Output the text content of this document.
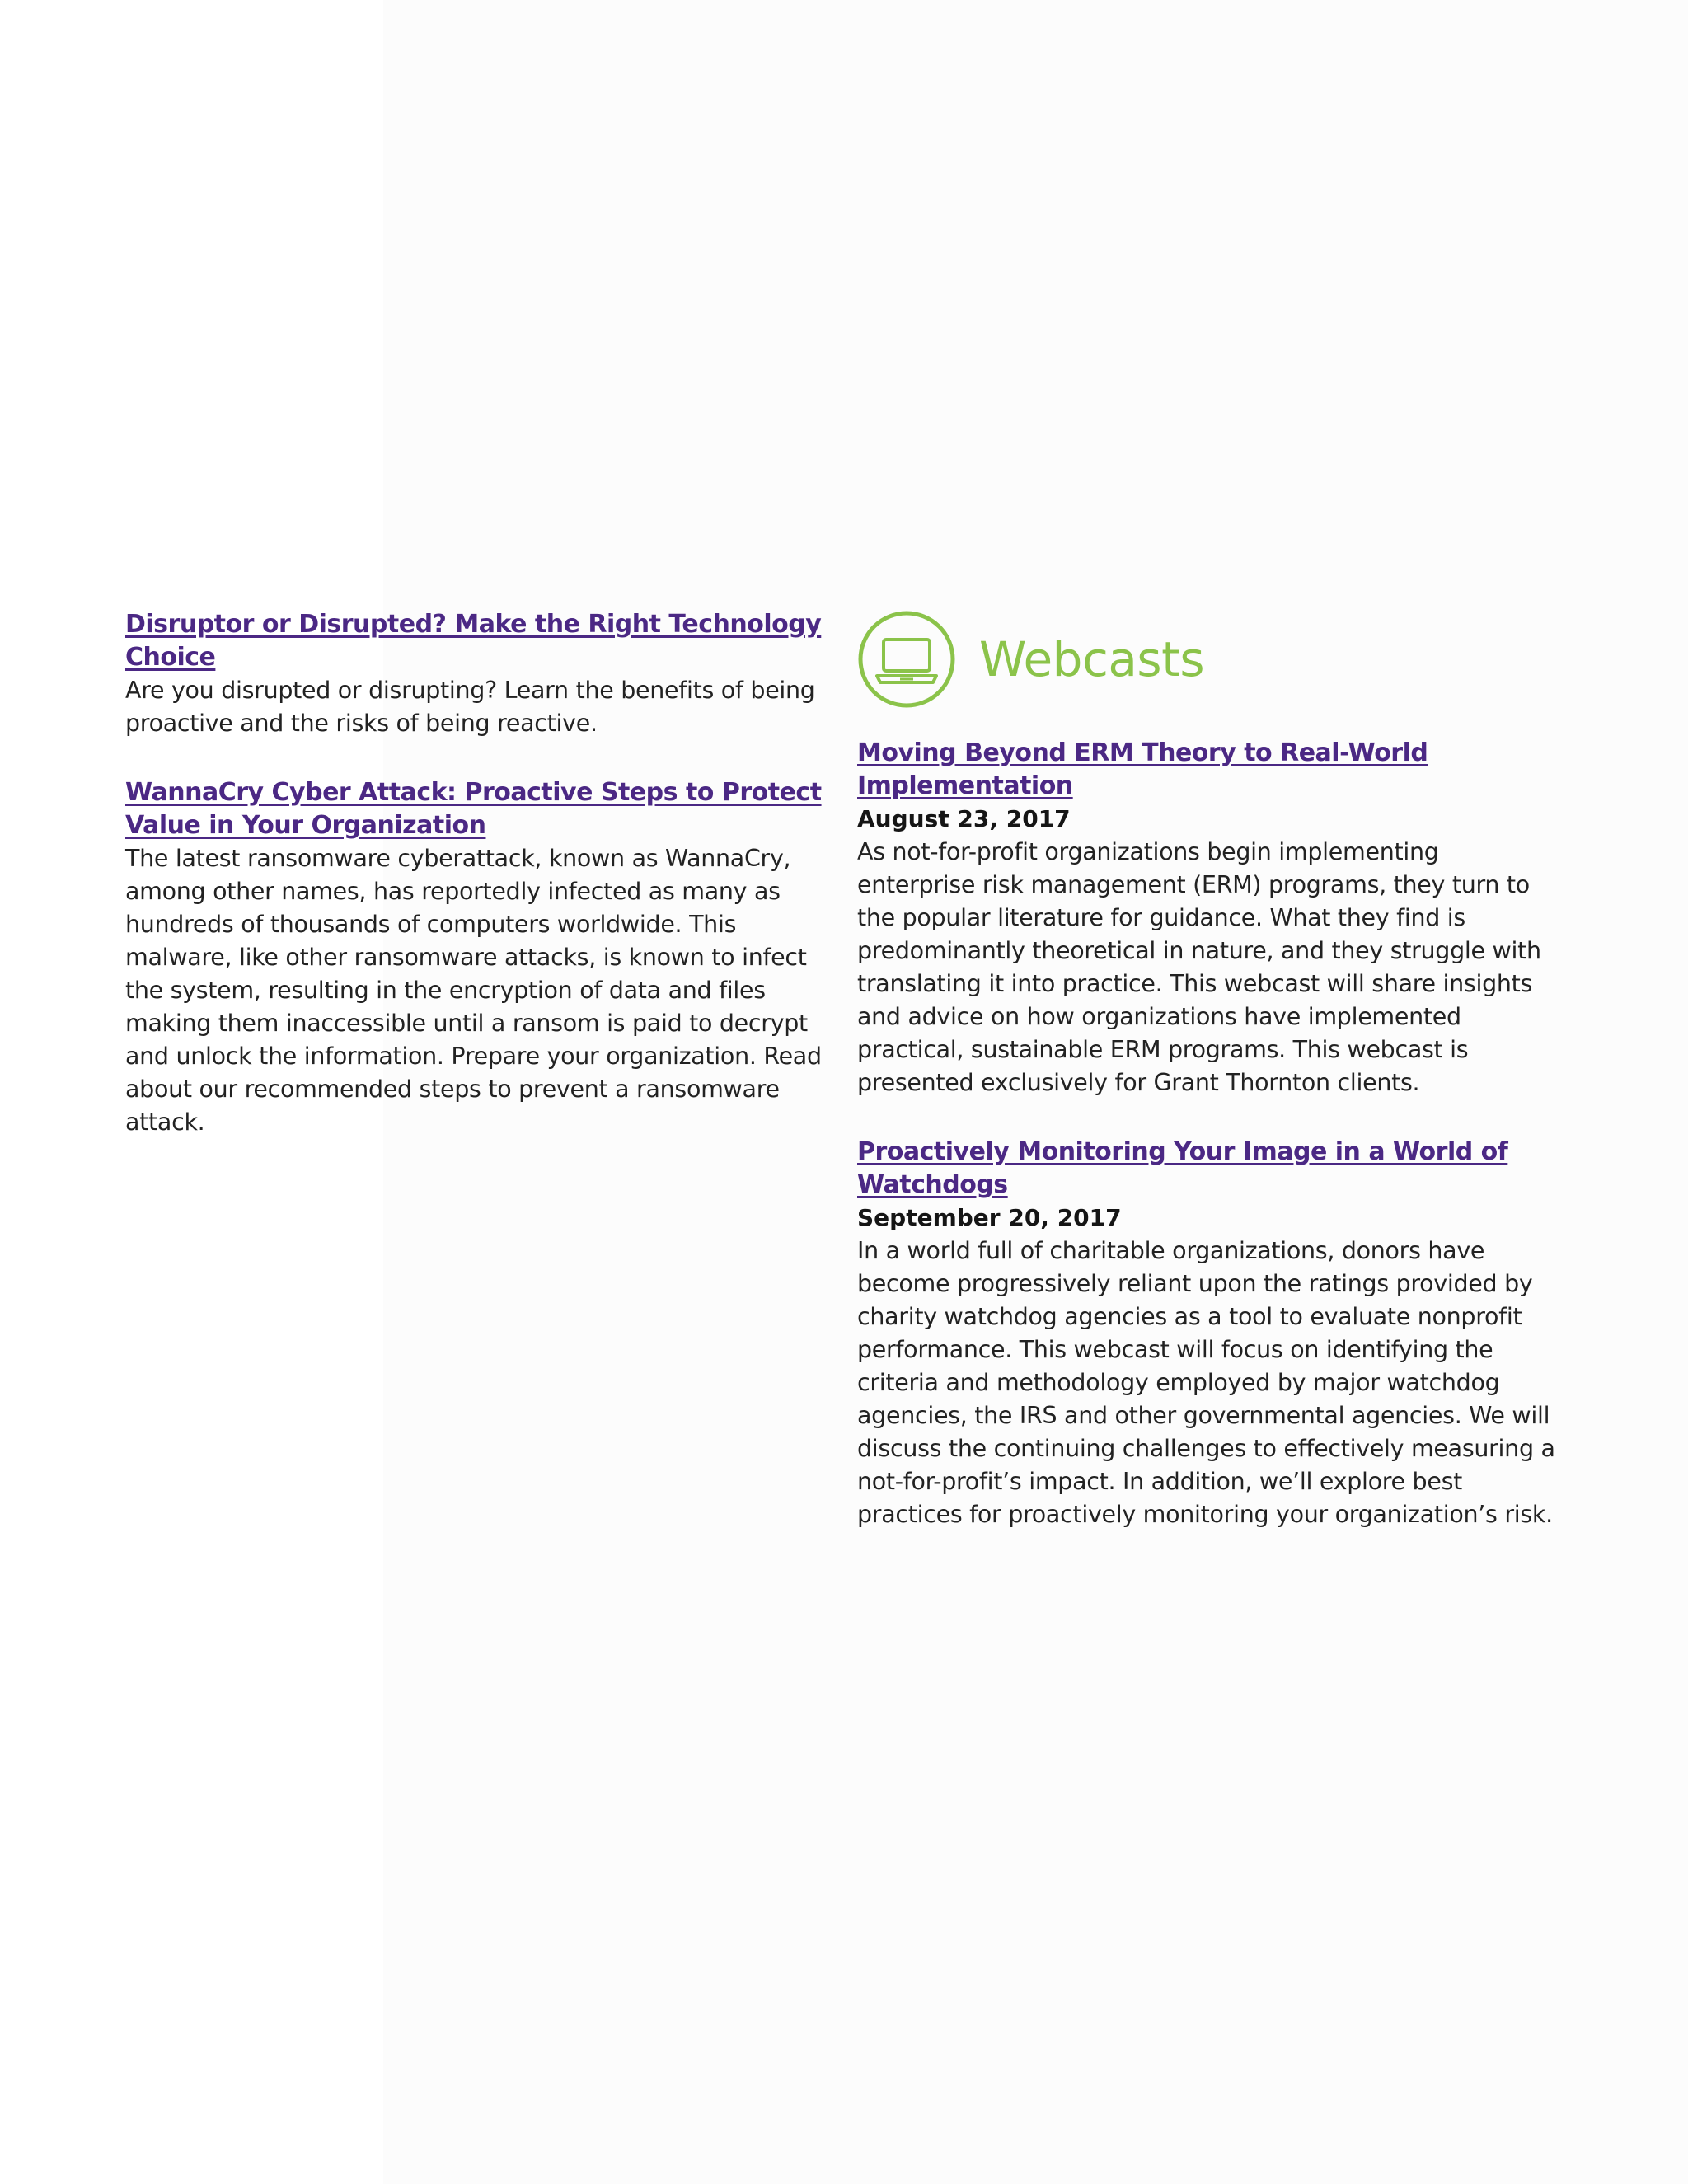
Disruptor or Disrupted? Make the Right Technology Choice
Are you disrupted or disrupting? Learn the benefits of being proactive and the risks of being reactive.
WannaCry Cyber Attack: Proactive Steps to Protect Value in Your Organization
The latest ransomware cyberattack, known as WannaCry, among other names, has reportedly infected as many as hundreds of thousands of computers worldwide. This malware, like other ransomware attacks, is known to infect the system, resulting in the encryption of data and files making them inaccessible until a ransom is paid to decrypt and unlock the information. Prepare your organization. Read about our recommended steps to prevent a ransomware attack.
Webcasts
Moving Beyond ERM Theory to Real-World Implementation
August 23, 2017
As not-for-profit organizations begin implementing enterprise risk management (ERM) programs, they turn to the popular literature for guidance. What they find is predominantly theoretical in nature, and they struggle with translating it into practice. This webcast will share insights and advice on how organizations have implemented practical, sustainable ERM programs. This webcast is presented exclusively for Grant Thornton clients.
Proactively Monitoring Your Image in a World of Watchdogs
September 20, 2017
In a world full of charitable organizations, donors have become progressively reliant upon the ratings provided by charity watchdog agencies as a tool to evaluate nonprofit performance. This webcast will focus on identifying the criteria and methodology employed by major watchdog agencies, the IRS and other governmental agencies. We will discuss the continuing challenges to effectively measuring a not-for-profit’s impact. In addition, we’ll explore best practices for proactively monitoring your organization’s risk.
